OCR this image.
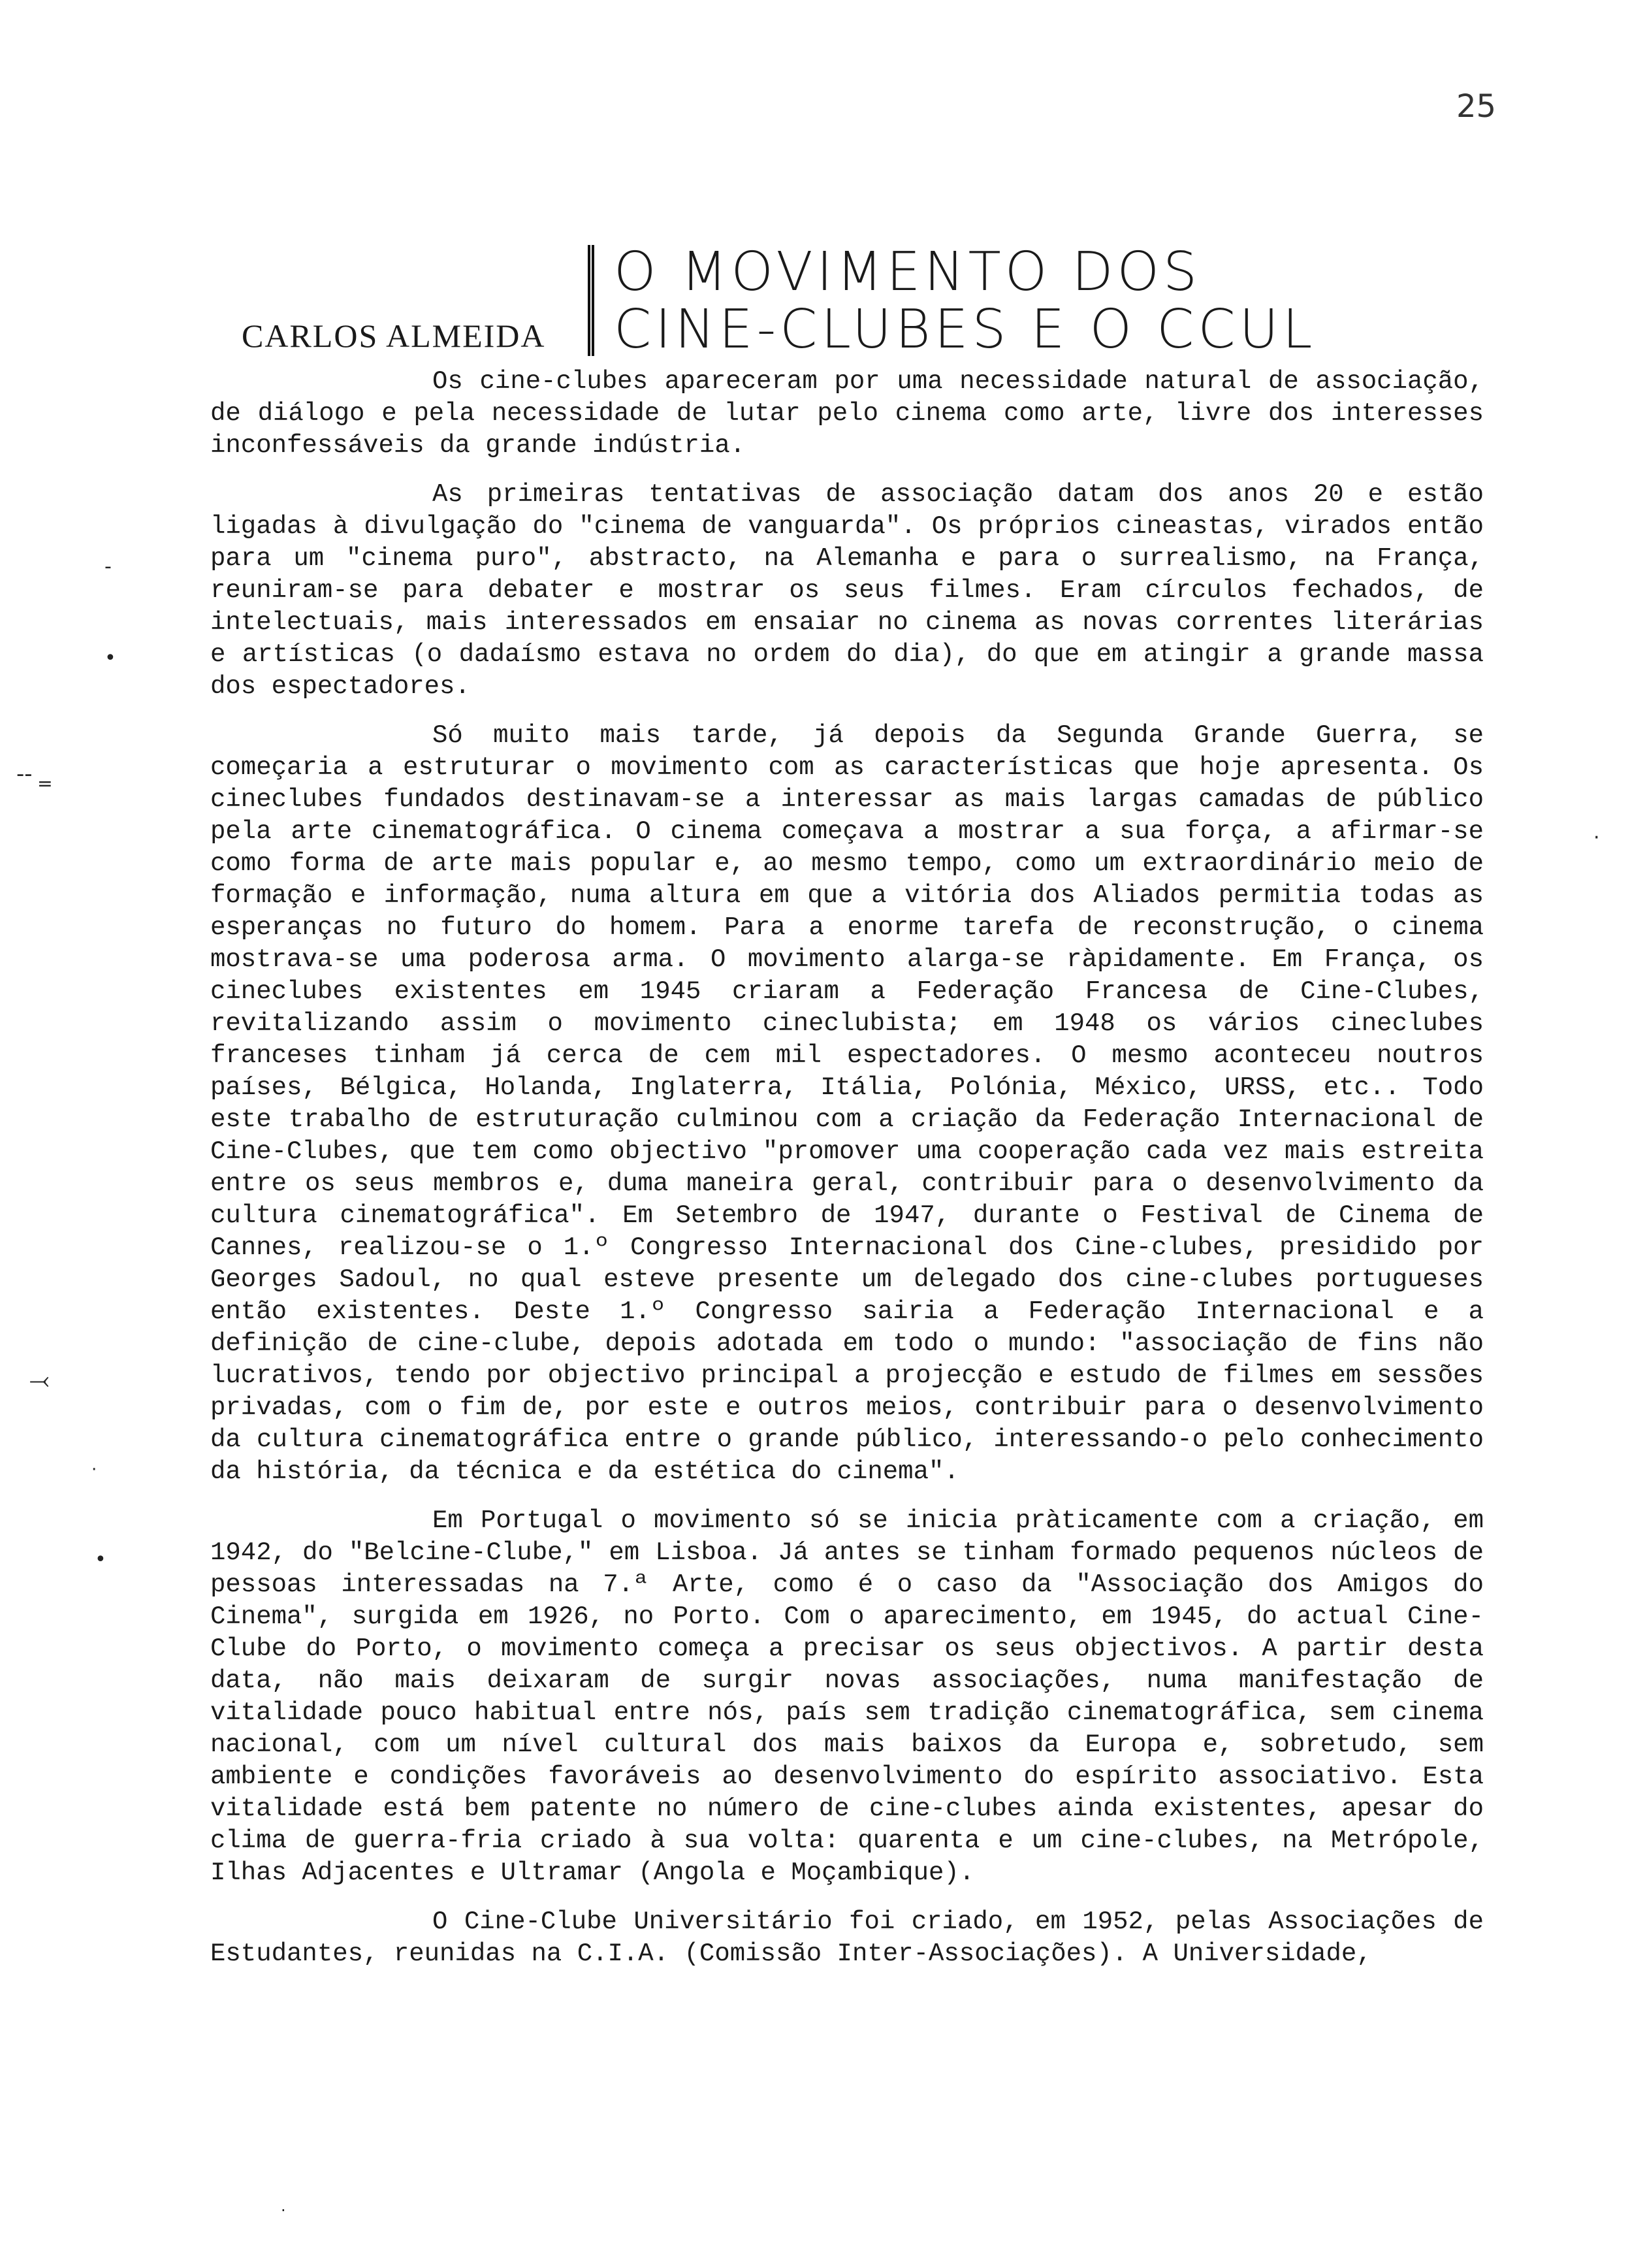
25
CARLOS ALMEIDA
O MOVIMENTO DOS
CINE-CLUBES E O CCUL

Os cine-clubes apareceram por uma necessidade natural de associação, de diálogo e pela necessidade de lutar pelo cinema como arte, livre dos interesses inconfessáveis da grande indústria.

As primeiras tentativas de associação datam dos anos 20 e estão ligadas à divulgação do "cinema de vanguarda". Os próprios cineastas, virados então para um "cinema puro", abstracto, na Alemanha e para o surrealismo, na França, reuniram-se para debater e mostrar os seus filmes. Eram círculos fechados, de intelectuais, mais interessados em ensaiar no cinema as novas correntes literárias e artísticas (o dadaísmo estava no ordem do dia), do que em atingir a grande massa dos espectadores.

Só muito mais tarde, já depois da Segunda Grande Guerra, se começaria a estruturar o movimento com as características que hoje apresenta. Os cineclubes fundados destinavam-se a interessar as mais largas camadas de público pela arte cinematográfica. O cinema começava a mostrar a sua força, a afirmar-se como forma de arte mais popular e, ao mesmo tempo, como um extraordinário meio de formação e informação, numa altura em que a vitória dos Aliados permitia todas as esperanças no futuro do homem. Para a enorme tarefa de reconstrução, o cinema mostrava-se uma poderosa arma. O movimento alarga-se ràpidamente. Em França, os cineclubes existentes em 1945 criaram a Federação Francesa de Cine-Clubes, revitalizando assim o movimento cineclubista; em 1948 os vários cineclubes franceses tinham já cerca de cem mil espectadores. O mesmo aconteceu noutros países, Bélgica, Holanda, Inglaterra, Itália, Polónia, México, URSS, etc.. Todo este trabalho de estruturação culminou com a criação da Federação Internacional de Cine-Clubes, que tem como objectivo "promover uma cooperação cada vez mais estreita entre os seus membros e, duma maneira geral, contribuir para o desenvolvimento da cultura cinematográfica". Em Setembro de 1947, durante o Festival de Cinema de Cannes, realizou-se o 1.º Congresso Internacional dos Cine-clubes, presidido por Georges Sadoul, no qual esteve presente um delegado dos cine-clubes portugueses então existentes. Deste 1.º Congresso sairia a Federação Internacional e a definição de cine-clube, depois adotada em todo o mundo: "associação de fins não lucrativos, tendo por objectivo principal a projecção e estudo de filmes em sessões privadas, com o fim de, por este e outros meios, contribuir para o desenvolvimento da cultura cinematográfica entre o grande público, interessando-o pelo conhecimento da história, da técnica e da estética do cinema".

Em Portugal o movimento só se inicia pràticamente com a criação, em 1942, do "Belcine-Clube," em Lisboa. Já antes se tinham formado pequenos núcleos de pessoas interessadas na 7.ª Arte, como é o caso da "Associação dos Amigos do Cinema", surgida em 1926, no Porto. Com o aparecimento, em 1945, do actual Cine-Clube do Porto, o movimento começa a precisar os seus objectivos. A partir desta data, não mais deixaram de surgir novas associações, numa manifestação de vitalidade pouco habitual entre nós, país sem tradição cinematográfica, sem cinema nacional, com um nível cultural dos mais baixos da Europa e, sobretudo, sem ambiente e condições favoráveis ao desenvolvimento do espírito associativo. Esta vitalidade está bem patente no número de cine-clubes ainda existentes, apesar do clima de guerra-fria criado à sua volta: quarenta e um cine-clubes, na Metrópole, Ilhas Adjacentes e Ultramar (Angola e Moçambique).

O Cine-Clube Universitário foi criado, em 1952, pelas Associações de Estudantes, reunidas na C.I.A. (Comissão Inter-Associações). A Universidade,

-
•
-‐ ‗
·
⤙
·
•
·
